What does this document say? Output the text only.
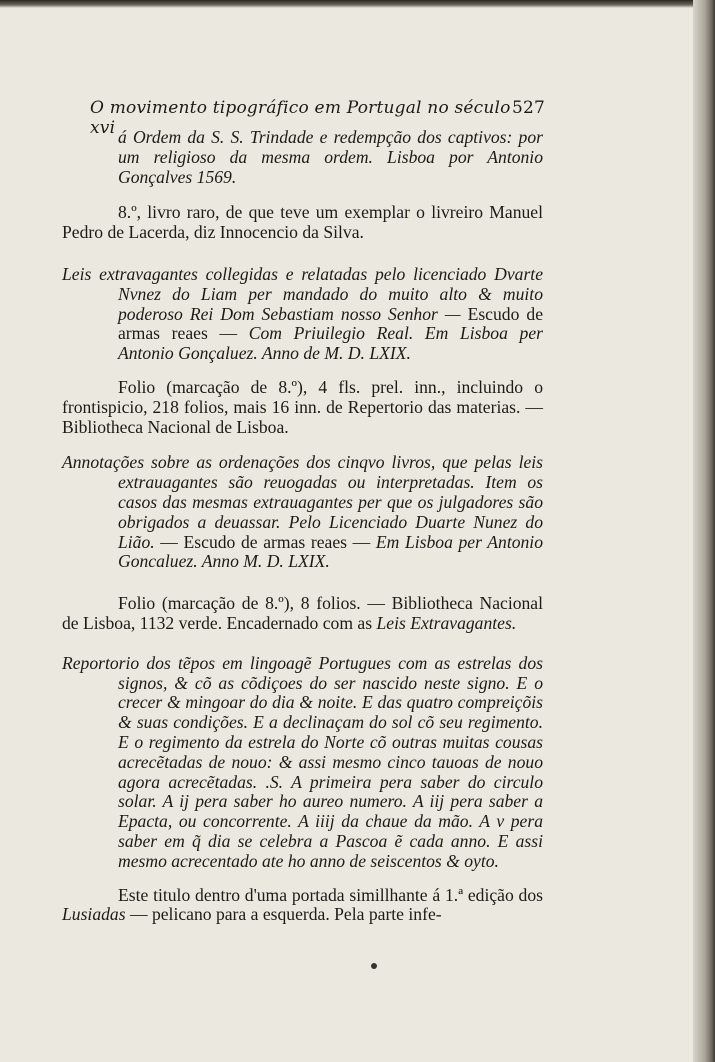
O movimento tipográfico em Portugal no século xvi
527

á Ordem da S. S. Trindade e redempção dos captivos: por um religioso da mesma ordem. Lisboa por Antonio Gonçalves 1569.

8.º, livro raro, de que teve um exemplar o livreiro Manuel Pedro de Lacerda, diz Innocencio da Silva.

Leis extravagantes collegidas e relatadas pelo licenciado Dvarte Nvnez do Liam per mandado do muito alto & muito poderoso Rei Dom Sebastiam nosso Senhor — Escudo de armas reaes — Com Priuilegio Real. Em Lisboa per Antonio Gonçaluez. Anno de M. D. LXIX.

Folio (marcação de 8.º), 4 fls. prel. inn., incluindo o frontispicio, 218 folios, mais 16 inn. de Repertorio das materias. — Bibliotheca Nacional de Lisboa.

Annotações sobre as ordenações dos cinqvo livros, que pelas leis extrauagantes são reuogadas ou interpretadas. Item os casos das mesmas extrauagantes per que os julgadores são obrigados a deuassar. Pelo Licenciado Duarte Nunez do Lião. — Escudo de armas reaes — Em Lisboa per Antonio Goncaluez. Anno M. D. LXIX.

Folio (marcação de 8.º), 8 folios. — Bibliotheca Nacional de Lisboa, 1132 verde. Encadernado com as Leis Extravagantes.

Reportorio dos tẽpos em lingoagẽ Portugues com as estrelas dos signos, & cõ as cõdiçoes do ser nascido neste signo. E o crecer & mingoar do dia & noite. E das quatro compreiçõis & suas condições. E a declinaçam do sol cõ seu regimento. E o regimento da estrela do Norte cõ outras muitas cousas acrecẽtadas de nouo: & assi mesmo cinco tauoas de nouo agora acrecẽtadas. .S. A primeira pera saber do circulo solar. A ij pera saber ho aureo numero. A iij pera saber a Epacta, ou concorrente. A iiij da chaue da mão. A v pera saber em q̃ dia se celebra a Pascoa ẽ cada anno. E assi mesmo acrecentado ate ho anno de seiscentos & oyto.

Este titulo dentro d'uma portada simillhante á 1.ª edição dos Lusiadas — pelicano para a esquerda. Pela parte infe-
